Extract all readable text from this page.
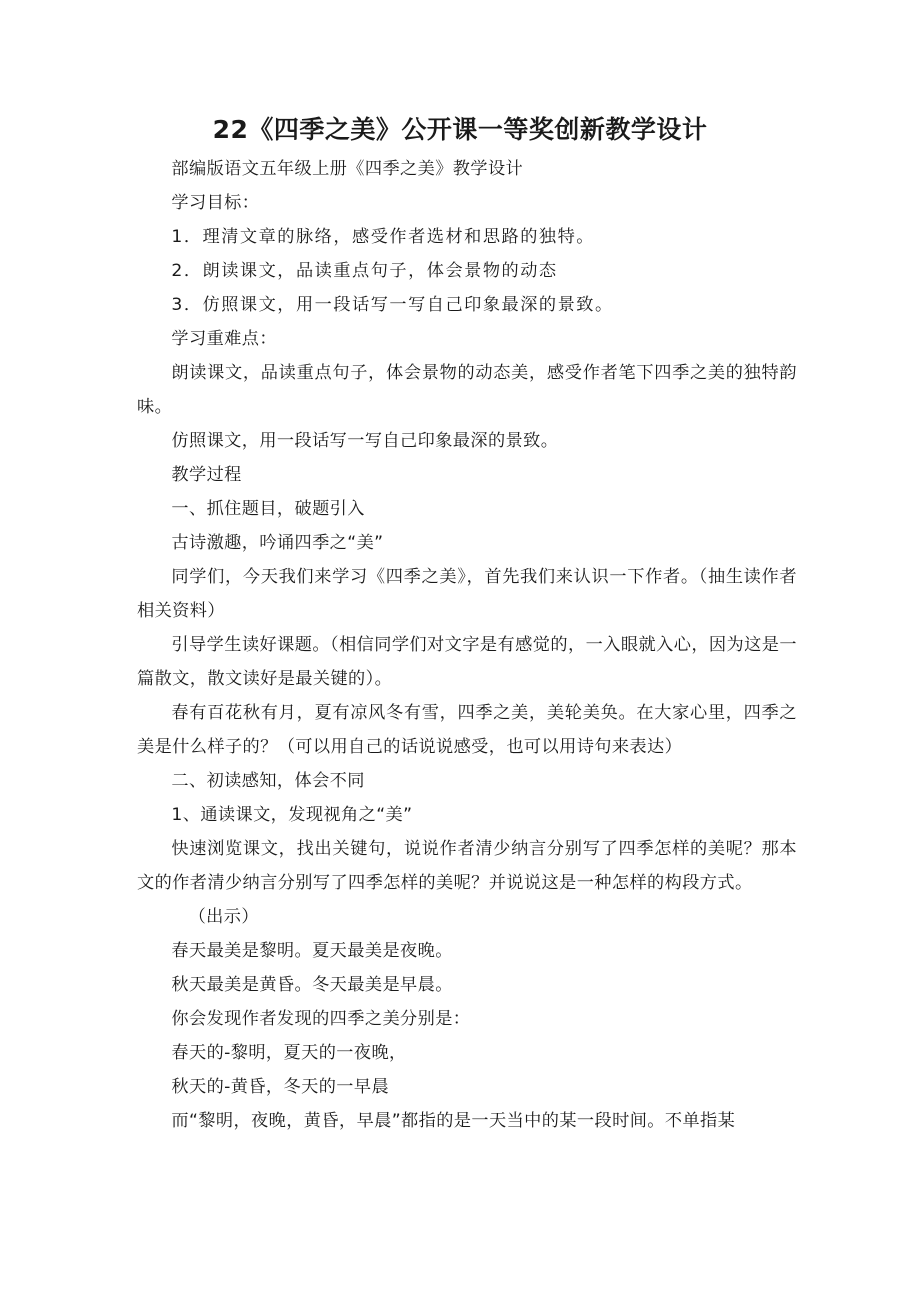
22《四季之美》公开课一等奖创新教学设计

部编版语文五年级上册《四季之美》教学设计

学习目标：

1．理清文章的脉络，感受作者选材和思路的独特。

2．朗读课文，品读重点句子，体会景物的动态

3．仿照课文，用一段话写一写自己印象最深的景致。

学习重难点：

朗读课文，品读重点句子，体会景物的动态美，感受作者笔下四季之美的独特韵味。

仿照课文，用一段话写一写自己印象最深的景致。

教学过程

一、抓住题目，破题引入

古诗激趣，吟诵四季之“美”

同学们，今天我们来学习《四季之美》，首先我们来认识一下作者。（抽生读作者相关资料）

引导学生读好课题。（相信同学们对文字是有感觉的，一入眼就入心，因为这是一篇散文，散文读好是最关键的）。

春有百花秋有月，夏有凉风冬有雪，四季之美，美轮美奂。在大家心里，四季之美是什么样子的？（可以用自己的话说说感受，也可以用诗句来表达）

二、初读感知，体会不同

1、通读课文，发现视角之“美”

快速浏览课文，找出关键句，说说作者清少纳言分别写了四季怎样的美呢？那本文的作者清少纳言分别写了四季怎样的美呢？并说说这是一种怎样的构段方式。

（出示）

春天最美是黎明。夏天最美是夜晚。

秋天最美是黄昏。冬天最美是早晨。

你会发现作者发现的四季之美分别是：

春天的-黎明，夏天的一夜晚，

秋天的-黄昏，冬天的一早晨

而“黎明，夜晚，黄昏，早晨”都指的是一天当中的某一段时间。不单指某
